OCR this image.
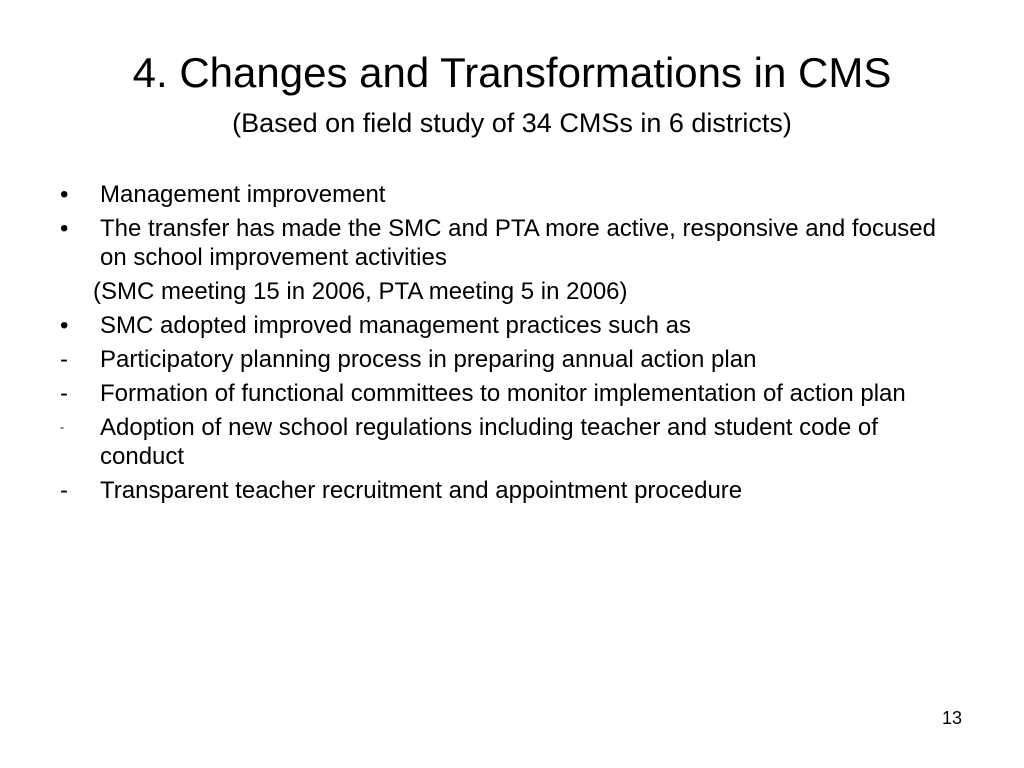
4. Changes and Transformations in CMS
(Based on field study of 34 CMSs in 6 districts)
•	Management improvement
•	The transfer has made the SMC and PTA more active, responsive and focused on school improvement activities
(SMC meeting 15 in 2006, PTA meeting 5 in 2006)
•	SMC adopted improved management practices such as
-	Participatory planning process in preparing annual action plan
-	Formation of functional committees to monitor implementation of action plan
-	Adoption of new school regulations including teacher and student code of conduct
-	Transparent teacher recruitment and appointment procedure
13
